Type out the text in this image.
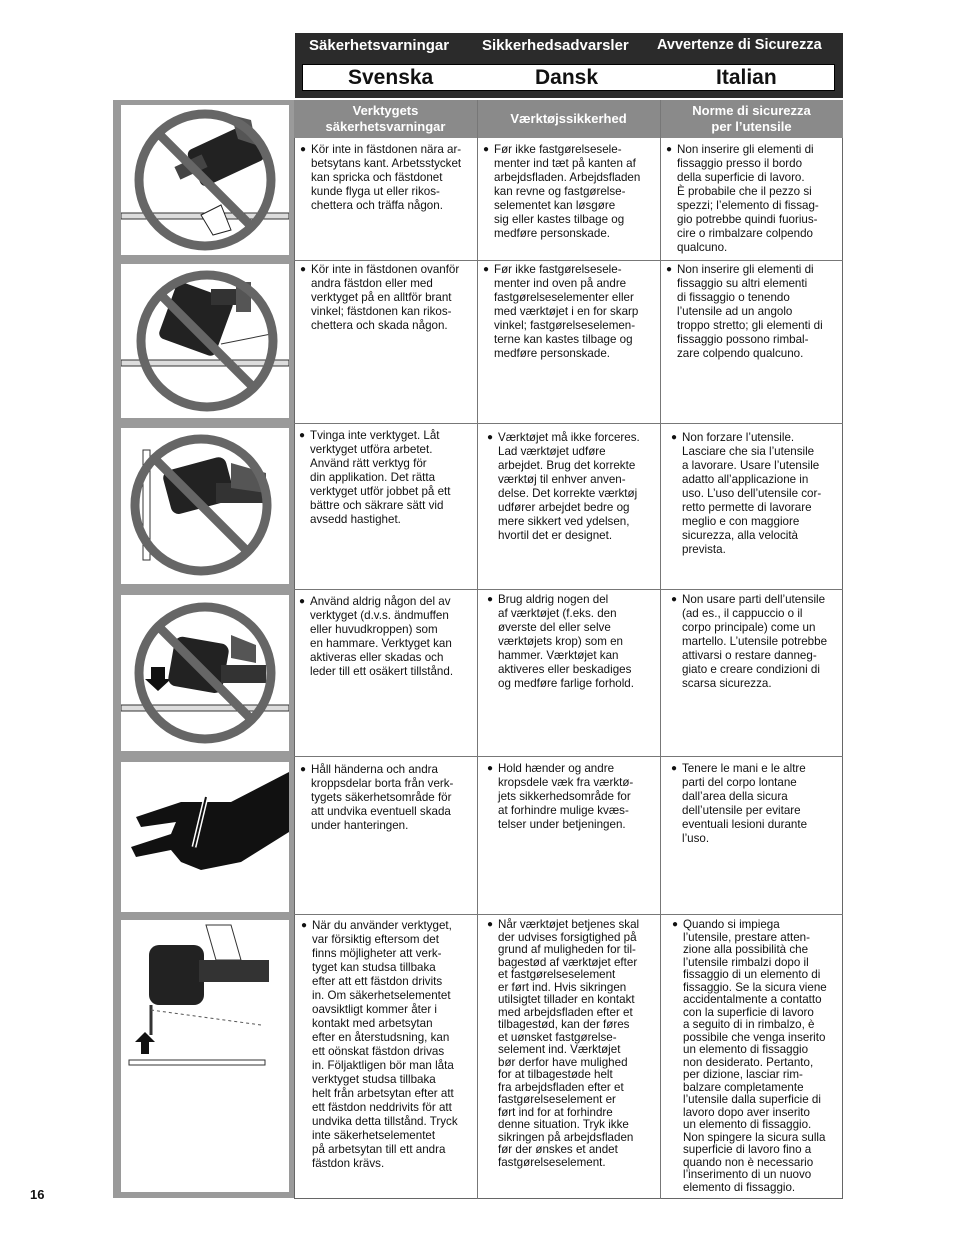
Säkerhetsvarningar Sikkerhedsadvarsler Avvertenze di Sicurezza
Svenska	Dansk	Italian
Verktygets
säkerhetsvarningar
Værktøjssikkerhed
Norme di sicurezza
per l’utensile
● Kör inte in fästdonen nära ar-
betsytans kant. Arbetsstycket
kan spricka och fästdonet
kunde flyga ut eller rikos-
chettera och träffa någon.
● Før ikke fastgørelsesele-
menter ind tæt på kanten af
arbejdsfladen. Arbejdsfladen
kan revne og fastgørelse-
selementet kan løsgøre
sig eller kastes tilbage og
medføre personskade.
● Non inserire gli elementi di
fissaggio presso il bordo
della superficie di lavoro.
È probabile che il pezzo si
spezzi; l’elemento di fissag-
gio potrebbe quindi fuorius-
cire o rimbalzare colpendo
qualcuno.
● Kör inte in fästdonen ovanför
andra fästdon eller med
verktyget på en alltför brant
vinkel; fästdonen kan rikos-
chettera och skada någon.
● Før ikke fastgørelsesele-
menter ind oven på andre
fastgørelseselementer eller
med værktøjet i en for skarp
vinkel; fastgørelseselemen-
terne kan kastes tilbage og
medføre personskade.
● Non inserire gli elementi di
fissaggio su altri elementi
di fissaggio o tenendo
l’utensile ad un angolo
troppo stretto; gli elementi di
fissaggio possono rimbal-
zare colpendo qualcuno.
● Tvinga inte verktyget. Låt
verktyget utföra arbetet.
Använd rätt verktyg för
din applikation. Det rätta
verktyget utför jobbet på ett
bättre och säkrare sätt vid
avsedd hastighet.
● Værktøjet må ikke forceres.
Lad værktøjet udføre
arbejdet. Brug det korrekte
værktøj til enhver anven-
delse. Det korrekte værktøj
udfører arbejdet bedre og
mere sikkert ved ydelsen,
hvortil det er designet.
● Non forzare l’utensile.
Lasciare che sia l’utensile
a lavorare. Usare l’utensile
adatto all’applicazione in
uso. L’uso dell’utensile cor-
retto permette di lavorare
meglio e con maggiore
sicurezza, alla velocità
prevista.
● Använd aldrig någon del av
verktyget (d.v.s. ändmuffen
eller huvudkroppen) som
en hammare. Verktyget kan
aktiveras eller skadas och
leder till ett osäkert tillstånd.
● Brug aldrig nogen del
af værktøjet (f.eks. den
øverste del eller selve
værktøjets krop) som en
hammer. Værktøjet kan
aktiveres eller beskadiges
og medføre farlige forhold.
● Non usare parti dell’utensile
(ad es., il cappuccio o il
corpo principale) come un
martello. L’utensile potrebbe
attivarsi o restare danneg-
giato e creare condizioni di
scarsa sicurezza.
● Håll händerna och andra
kroppsdelar borta från verk-
tygets säkerhetsområde för
att undvika eventuell skada
under hanteringen.
● Hold hænder og andre
kropsdele væk fra værktø-
jets sikkerhedsområde for
at forhindre mulige kvæs-
telser under betjeningen.
● Tenere le mani e le altre
parti del corpo lontane
dall’area della sicura
dell’utensile per evitare
eventuali lesioni durante
l’uso.
● När du använder verktyget,
var försiktig eftersom det
finns möjligheter att verk-
tyget kan studsa tillbaka
efter att ett fästdon drivits
in. Om säkerhetselementet
oavsiktligt kommer åter i
kontakt med arbetsytan
efter en återstudsning, kan
ett oönskat fästdon drivas
in. Följaktligen bör man låta
verktyget studsa tillbaka
helt från arbetsytan efter att
ett fästdon neddrivits för att
undvika detta tillstånd. Tryck
inte säkerhetselementet
på arbetsytan till ett andra
fästdon krävs.
● Når værktøjet betjenes skal
der udvises forsigtighed på
grund af muligheden for til-
bagestød af værktøjet efter
et fastgørelseselement
er ført ind. Hvis sikringen
utilsigtet tillader en kontakt
med arbejdsfladen efter et
tilbagestød, kan der føres
et uønsket fastgørelse-
selement ind. Værktøjet
bør derfor have mulighed
for at tilbagestøde helt
fra arbejdsfladen efter et
fastgørelseselement er
ført ind for at forhindre
denne situation. Tryk ikke
sikringen på arbejdsfladen
før der ønskes et andet
fastgørelseselement.
● Quando si impiega
l’utensile, prestare atten-
zione alla possibilità che
l’utensile rimbalzi dopo il
fissaggio di un elemento di
fissaggio. Se la sicura viene
accidentalmente a contatto
con la superficie di lavoro
a seguito di in rimbalzo, è
possibile che venga inserito
un elemento di fissaggio
non desiderato. Pertanto,
per dizione, lasciar rim-
balzare completamente
l’utensile dalla superficie di
lavoro dopo aver inserito
un elemento di fissaggio.
Non spingere la sicura sulla
superficie di lavoro fino a
quando non è necessario
l’inserimento di un nuovo
elemento di fissaggio.
16
